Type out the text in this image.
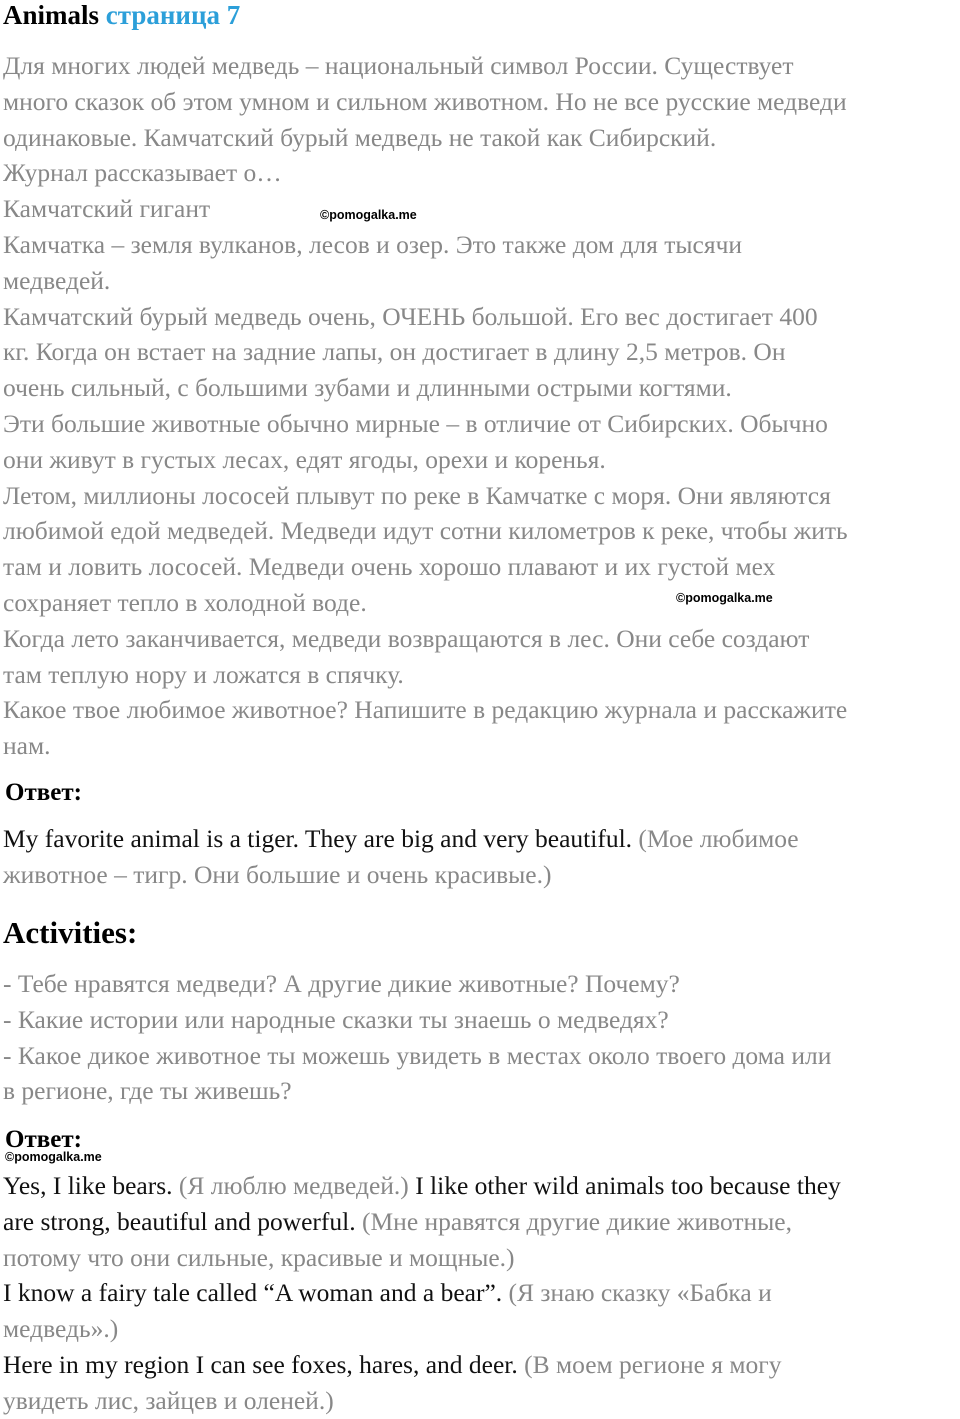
Animals страница 7

Для многих людей медведь – национальный символ России. Существует

много сказок об этом умном и сильном животном. Но не все русские медведи

одинаковые. Камчатский бурый медведь не такой как Сибирский.

Журнал рассказывает о…

Камчатский гигант

Камчатка – земля вулканов, лесов и озер. Это также дом для тысячи

медведей.

Камчатский бурый медведь очень, ОЧЕНЬ большой. Его вес достигает 400

кг. Когда он встает на задние лапы, он достигает в длину 2,5 метров. Он

очень сильный, с большими зубами и длинными острыми когтями.

Эти большие животные обычно мирные – в отличие от Сибирских. Обычно

они живут в густых лесах, едят ягоды, орехи и коренья.

Летом, миллионы лососей плывут по реке в Камчатке с моря. Они являются

любимой едой медведей. Медведи идут сотни километров к реке, чтобы жить

там и ловить лососей. Медведи очень хорошо плавают и их густой мех

сохраняет тепло в холодной воде.

Когда лето заканчивается, медведи возвращаются в лес. Они себе создают

там теплую нору и ложатся в спячку.

Какое твое любимое животное? Напишите в редакцию журнала и расскажите

нам.

©pomogalka.me
©pomogalka.me
Ответ:

My favorite animal is a tiger. They are big and very beautiful. (Мое любимое

животное – тигр. Они большие и очень красивые.)

Activities:

- Тебе нравятся медведи? А другие дикие животные? Почему?

- Какие истории или народные сказки ты знаешь о медведях?

- Какое дикое животное ты можешь увидеть в местах около твоего дома или

в регионе, где ты живешь?

Ответ:
©pomogalka.me

Yes, I like bears. (Я люблю медведей.) I like other wild animals too because they

are strong, beautiful and powerful. (Мне нравятся другие дикие животные,

потому что они сильные, красивые и мощные.)

I know a fairy tale called “A woman and a bear”. (Я знаю сказку «Бабка и

медведь».)

Here in my region I can see foxes, hares, and deer. (В моем регионе я могу

увидеть лис, зайцев и оленей.)
